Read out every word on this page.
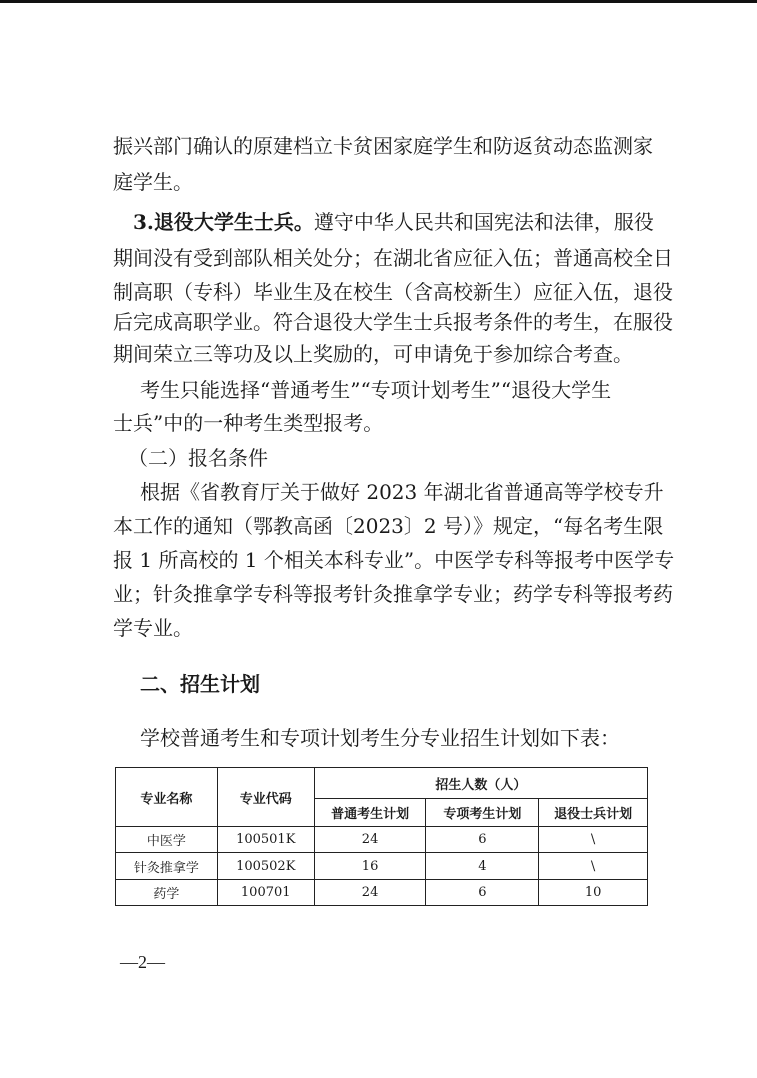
振兴部门确认的原建档立卡贫困家庭学生和防返贫动态监测家
庭学生。
3.退役大学生士兵。遵守中华人民共和国宪法和法律，服役
期间没有受到部队相关处分；在湖北省应征入伍；普通高校全日
制高职（专科）毕业生及在校生（含高校新生）应征入伍，退役
后完成高职学业。符合退役大学生士兵报考条件的考生，在服役
期间荣立三等功及以上奖励的，可申请免于参加综合考查。
考生只能选择“普通考生”“专项计划考生”“退役大学生
士兵”中的一种考生类型报考。
（二）报名条件
根据《省教育厅关于做好 2023 年湖北省普通高等学校专升
本工作的通知（鄂教高函〔2023〕2 号）》规定，“每名考生限
报 1 所高校的 1 个相关本科专业”。中医学专科等报考中医学专
业；针灸推拿学专科等报考针灸推拿学专业；药学专科等报考药
学专业。
二、招生计划
学校普通考生和专项计划考生分专业招生计划如下表：
专业名称	专业代码	招生人数（人）		
		普通考生计划	专项考生计划	退役士兵计划
中医学	100501K	24	6	\
针灸推拿学	100502K	16	4	\
药学	100701	24	6	10
—2—
